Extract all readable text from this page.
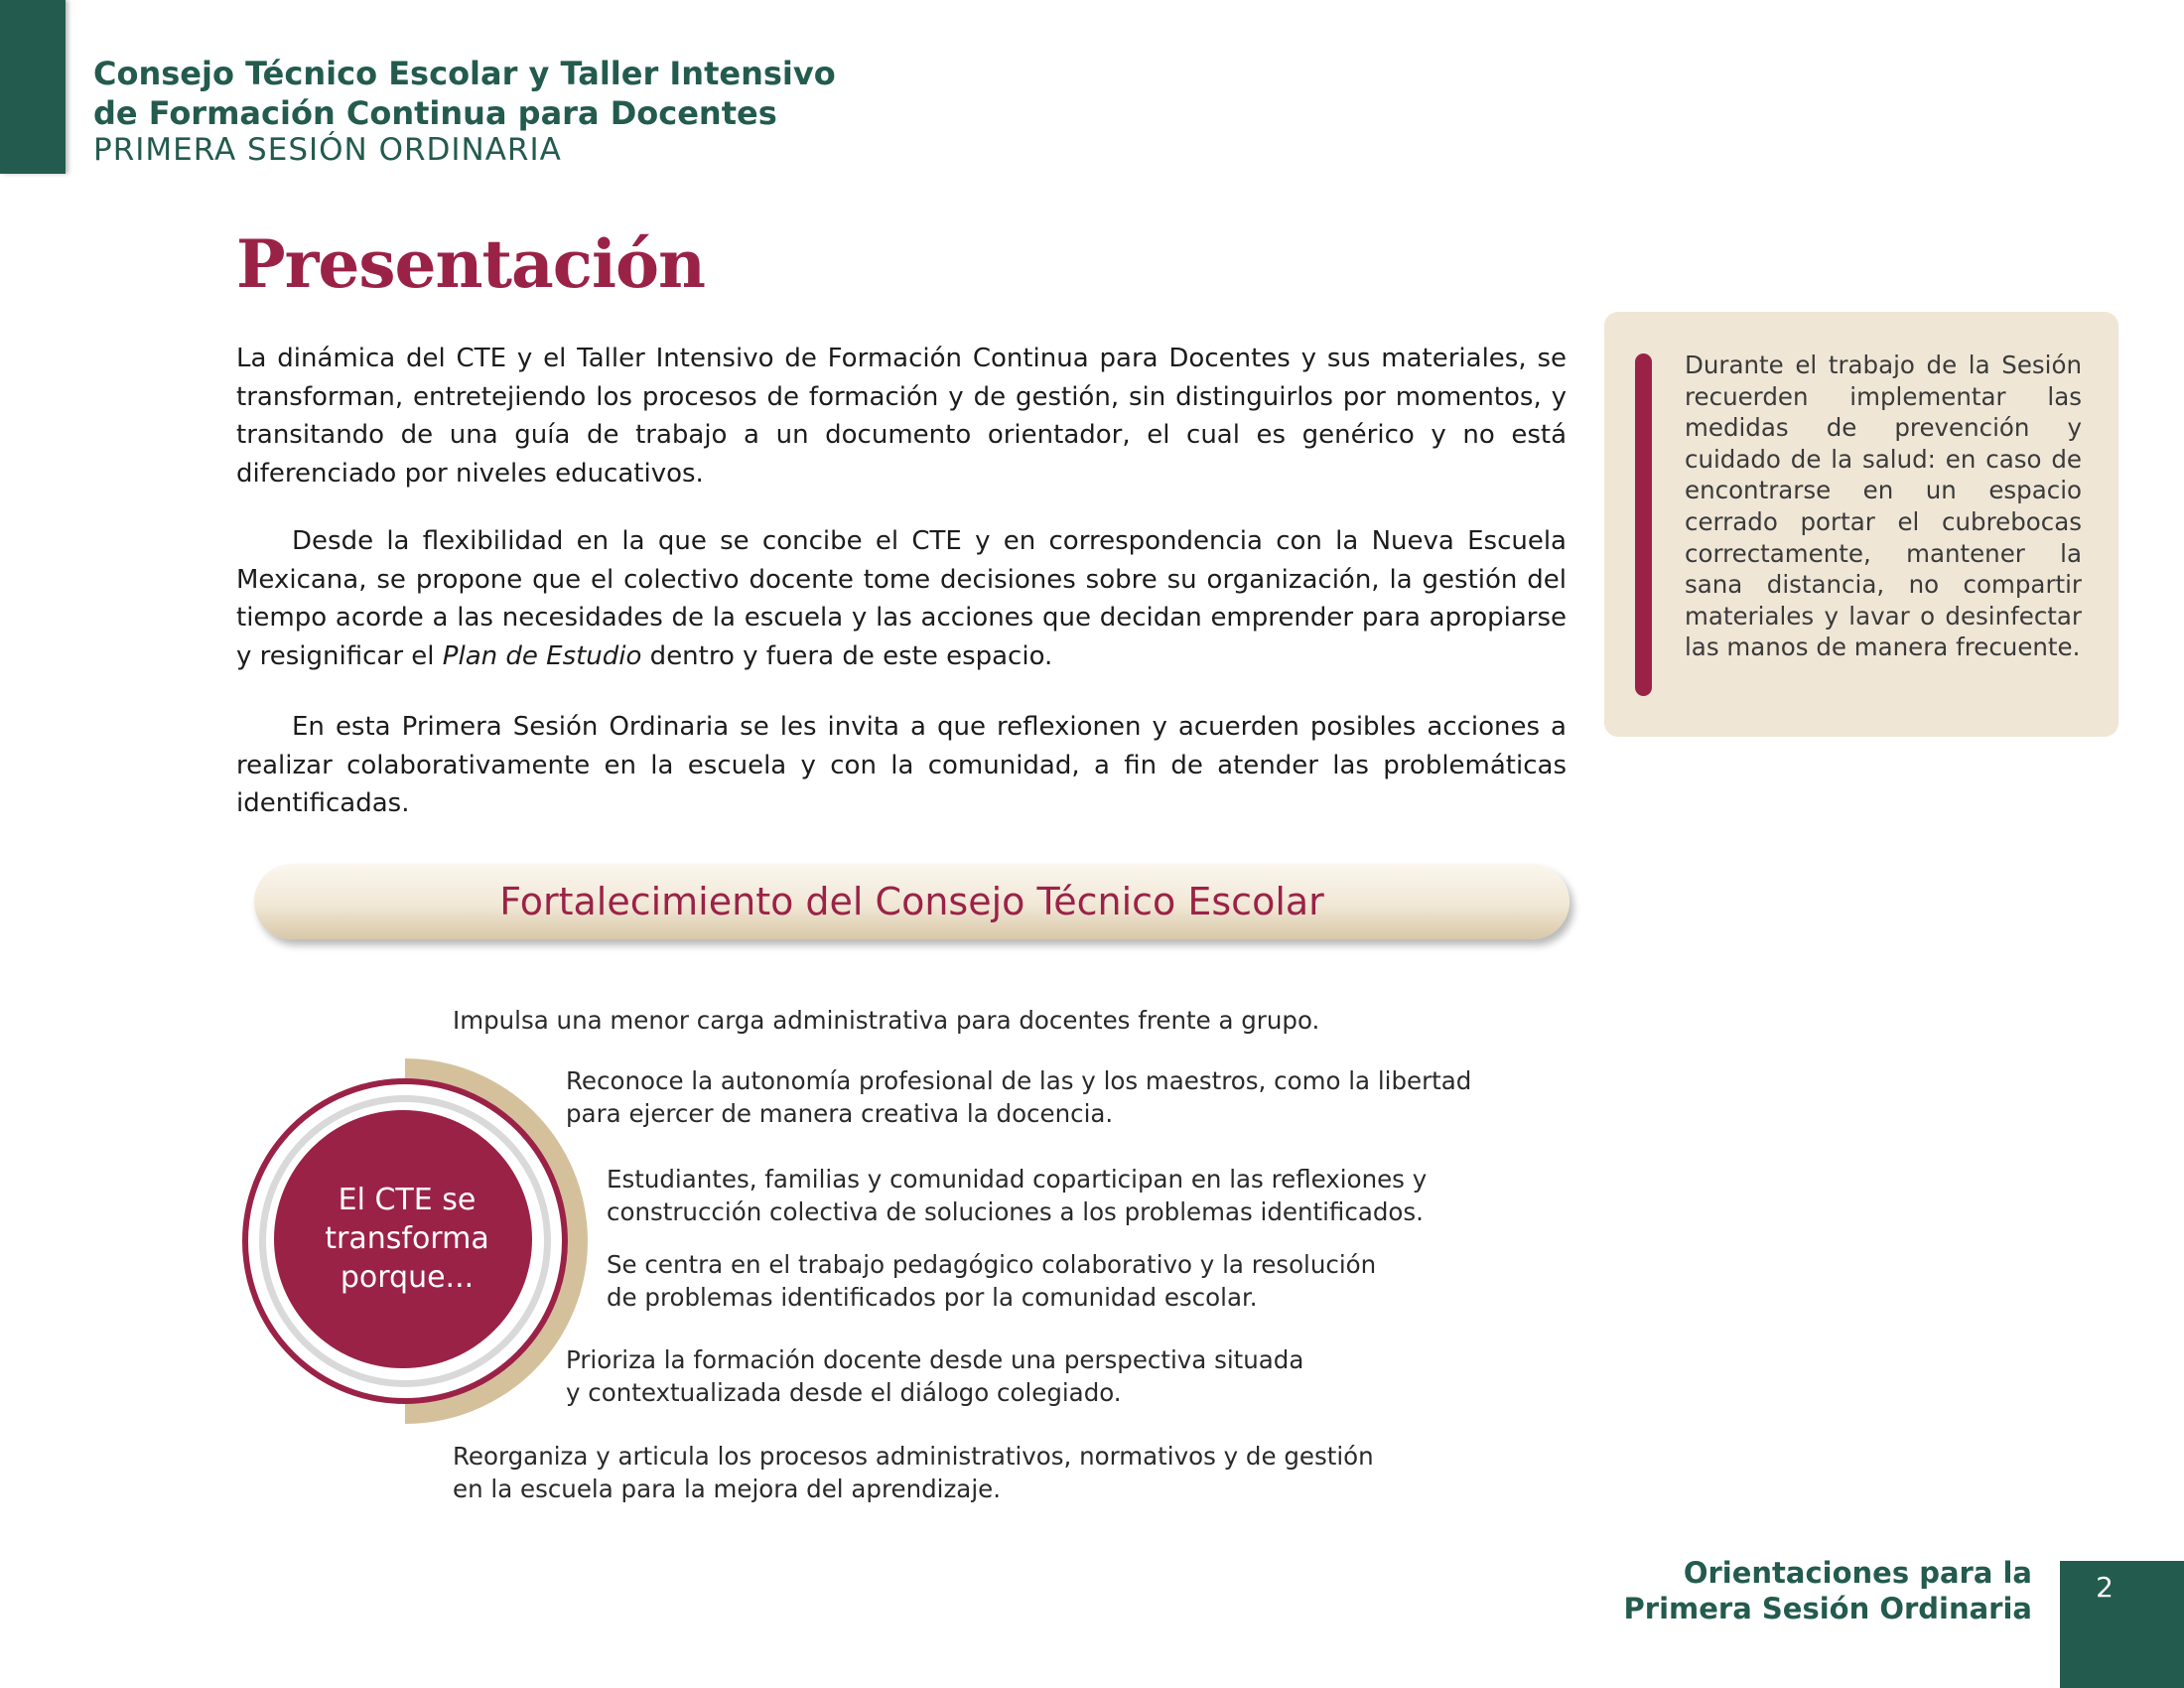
Consejo Técnico Escolar y Taller Intensivo
de Formación Continua para Docentes
PRIMERA SESIÓN ORDINARIA
Presentación
La dinámica del CTE y el Taller Intensivo de Formación Continua para Docentes y sus materiales, se transforman, entretejiendo los procesos de formación y de gestión, sin distinguirlos por momentos, y transitando de una guía de trabajo a un documento orientador, el cual es genérico y no está diferenciado por niveles educativos.
Desde la flexibilidad en la que se concibe el CTE y en correspondencia con la Nueva Escuela Mexicana, se propone que el colectivo docente tome decisiones sobre su organización, la gestión del tiempo acorde a las necesidades de la escuela y las acciones que decidan emprender para apropiarse y resignificar el Plan de Estudio dentro y fuera de este espacio.
En esta Primera Sesión Ordinaria se les invita a que reflexionen y acuerden posibles acciones a realizar colaborativamente en la escuela y con la comunidad, a fin de atender las problemáticas identificadas.
Durante el trabajo de la Sesión recuerden implementar las medidas de prevención y cuidado de la salud: en caso de encontrarse en un espacio cerrado portar el cubrebocas correctamente, mantener la sana distancia, no compartir materiales y lavar o desinfectar las manos de manera frecuente.
Fortalecimiento del Consejo Técnico Escolar
El CTE se
transforma
porque...
Impulsa una menor carga administrativa para docentes frente a grupo.
Reconoce la autonomía profesional de las y los maestros, como la libertad
para ejercer de manera creativa la docencia.
Estudiantes, familias y comunidad coparticipan en las reflexiones y
construcción colectiva de soluciones a los problemas identificados.
Se centra en el trabajo pedagógico colaborativo y la resolución
de problemas identificados por la comunidad escolar.
Prioriza la formación docente desde una perspectiva situada
y contextualizada desde el diálogo colegiado.
Reorganiza y articula los procesos administrativos, normativos y de gestión
en la escuela para la mejora del aprendizaje.
Orientaciones para la
Primera Sesión Ordinaria
2
